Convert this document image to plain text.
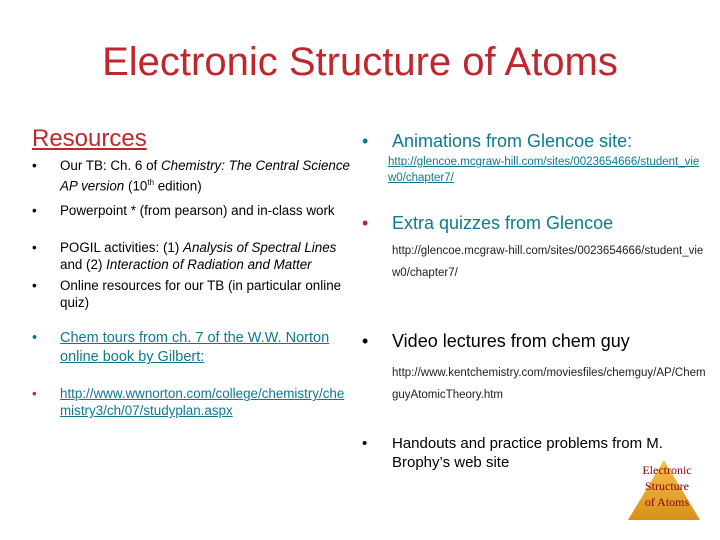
Electronic Structure of Atoms
Resources
• Our TB: Ch. 6 of Chemistry: The Central Science AP version (10th edition)
• Powerpoint * (from pearson) and in-class work
• POGIL activities: (1) Analysis of Spectral Lines and (2) Interaction of Radiation and Matter
• Online resources for our TB (in particular online quiz)
• Chem tours from ch. 7 of the W.W. Norton online book by Gilbert:
• http://www.wwnorton.com/college/chemistry/chemistry3/ch/07/studyplan.aspx
• Animations from Glencoe site:
http://glencoe.mcgraw-hill.com/sites/0023654666/student_view0/chapter7/
• Extra quizzes from Glencoe
http://glencoe.mcgraw-hill.com/sites/0023654666/student_view0/chapter7/
• Video lectures from chem guy
http://www.kentchemistry.com/moviesfiles/chemguy/AP/ChemguyAtomicTheory.htm
• Handouts and practice problems from M. Brophy’s web site	Electronic
Structure
of Atoms
